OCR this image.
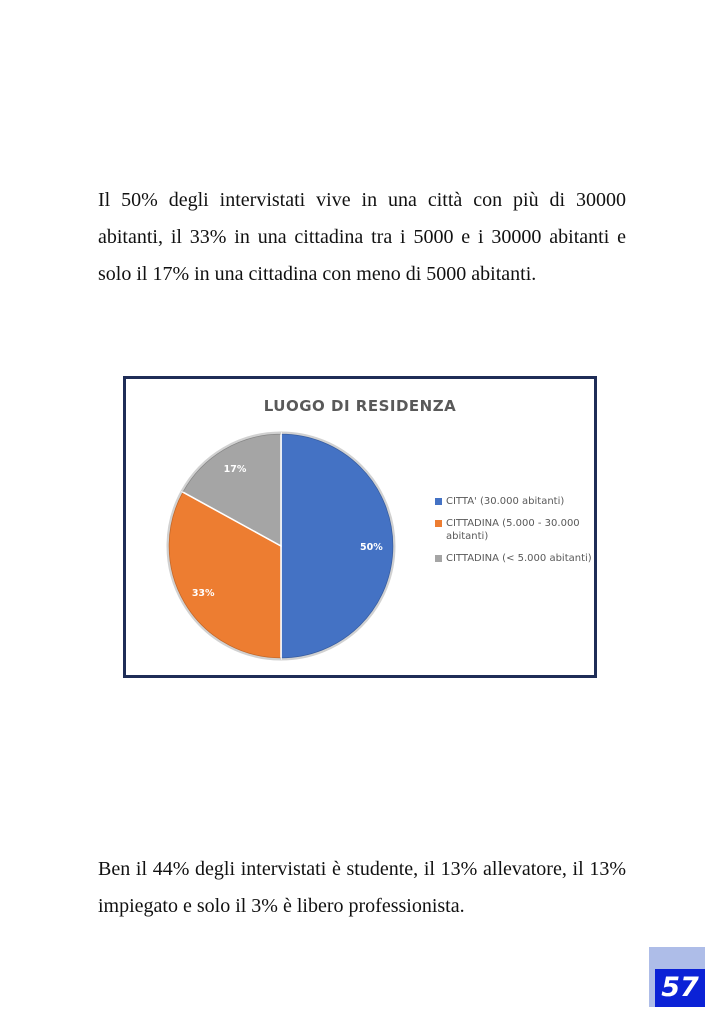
Il 50% degli intervistati vive in una città con più di 30000 abitanti, il 33% in una cittadina tra i 5000 e i 30000 abitanti e solo il 17% in una cittadina con meno di 5000 abitanti.

LUOGO DI RESIDENZA
50%
33%
17%
CITTA' (30.000 abitanti)
CITTADINA (5.000 - 30.000 abitanti)
CITTADINA (< 5.000 abitanti)

Ben il 44% degli intervistati è studente, il 13% allevatore, il 13% impiegato e solo il 3% è libero professionista.

57
